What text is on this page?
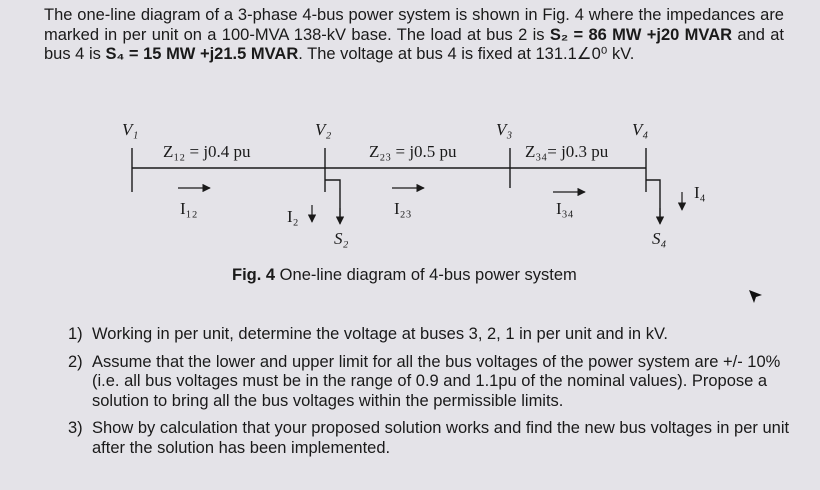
The one-line diagram of a 3-phase 4-bus power system is shown in Fig. 4 where the impedances are marked in per unit on a 100-MVA 138-kV base. The load at bus 2 is S₂ = 86 MW +j20 MVAR and at bus 4 is S₄ = 15 MW +j21.5 MVAR. The voltage at bus 4 is fixed at 131.1∠0⁰ kV.
V₁	V₂	V₃	V₄
Z₁₂ = j0.4 pu	Z₂₃ = j0.5 pu	Z₃₄= j0.3 pu
I₁₂	I₂₃	I₃₄
I₂
I₄
S₂	S₄
Fig. 4 One-line diagram of 4-bus power system
1) Working in per unit, determine the voltage at buses 3, 2, 1 in per unit and in kV.
2) Assume that the lower and upper limit for all the bus voltages of the power system are +/- 10% (i.e. all bus voltages must be in the range of 0.9 and 1.1pu of the nominal values). Propose a solution to bring all the bus voltages within the permissible limits.
3) Show by calculation that your proposed solution works and find the new bus voltages in per unit after the solution has been implemented.
